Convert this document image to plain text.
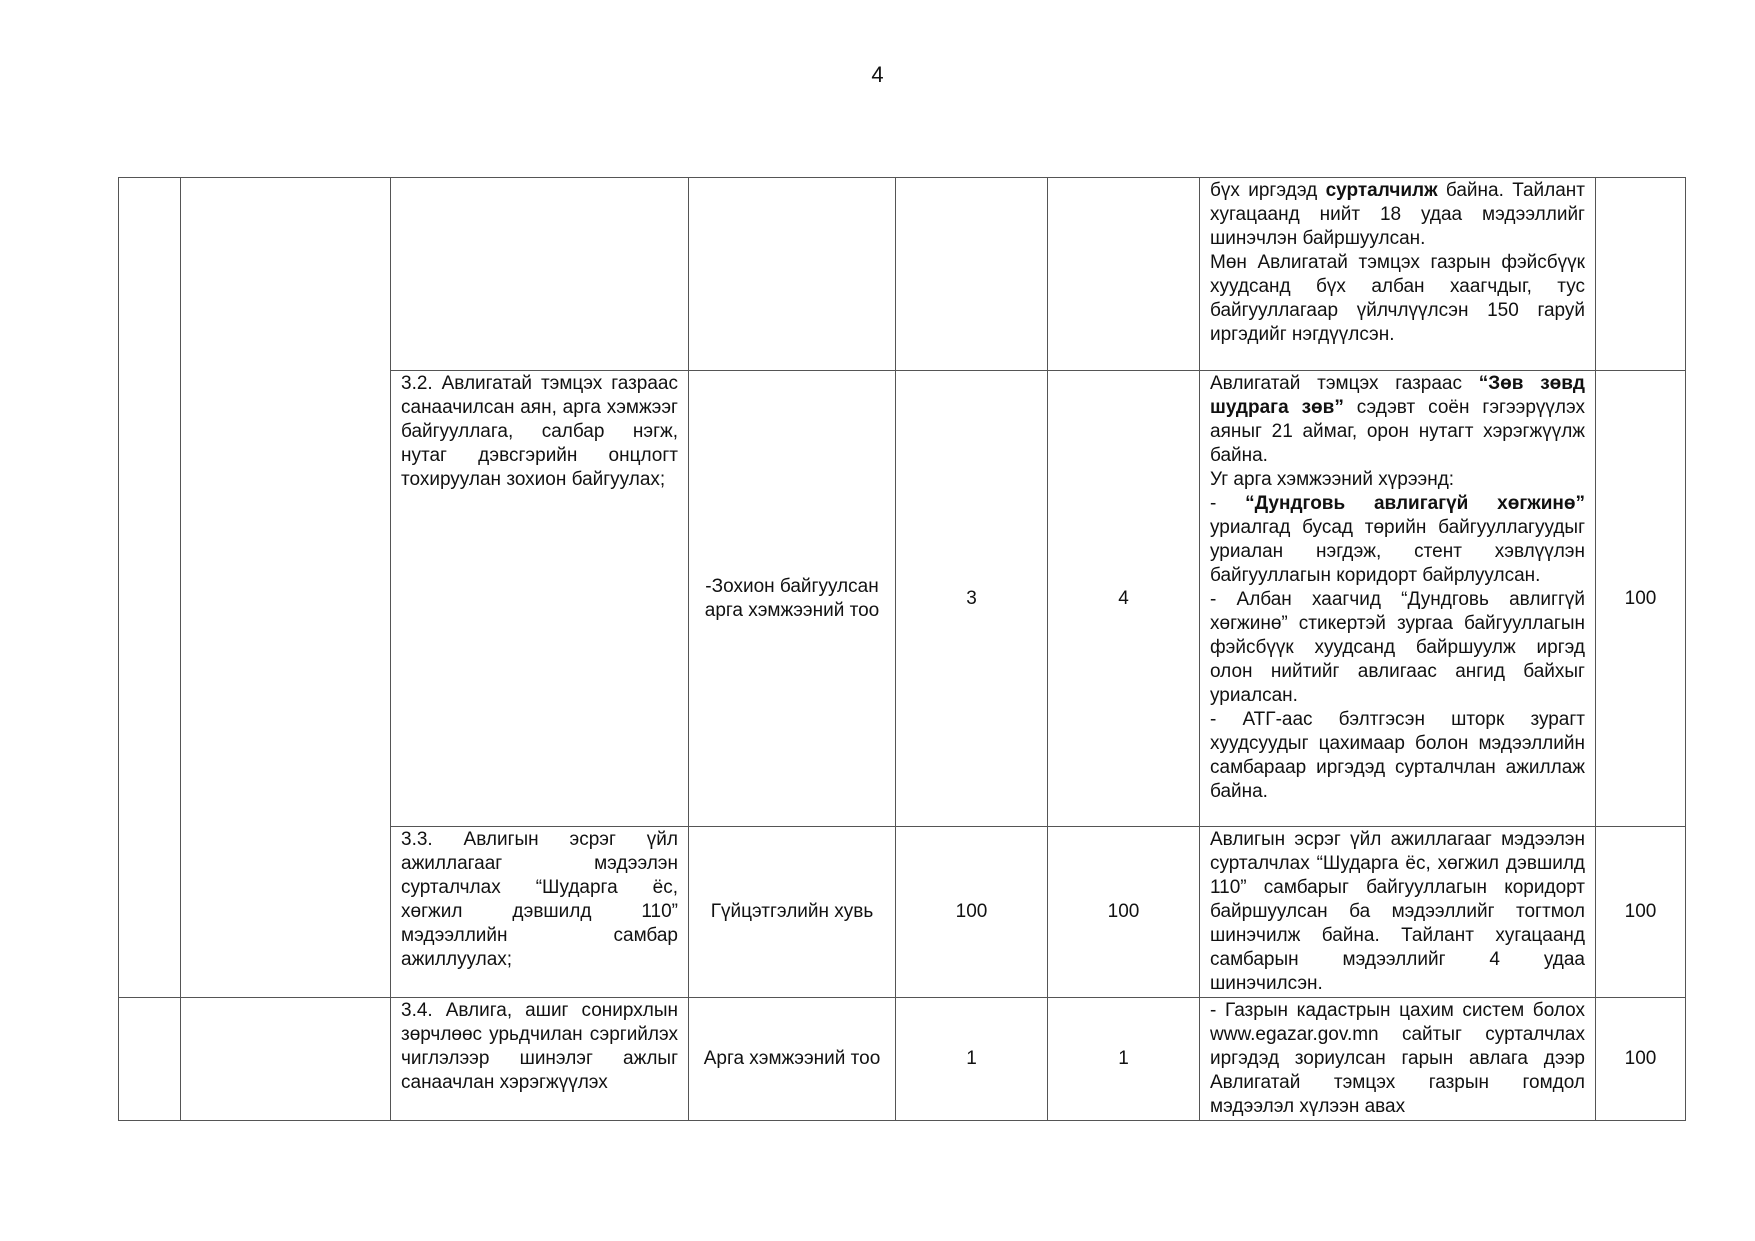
4

						бүх иргэдэд сурталчилж байна. Тайлант хугацаанд нийт 18 удаа мэдээллийг шинэчлэн байршуулсан.
Мөн Авлигатай тэмцэх газрын фэйсбүүк хуудсанд бүх албан хаагчдыг, тус байгууллагаар үйлчлүүлсэн 150 гаруй иргэдийг нэгдүүлсэн.	

		3.2. Авлигатай тэмцэх газраас санаачилсан аян, арга хэмжээг байгууллага, салбар нэгж, нутаг дэвсгэрийн онцлогт тохируулан зохион байгуулах;	-Зохион байгуулсан арга хэмжээний тоо	3	4	Авлигатай тэмцэх газраас “Зөв зөвд шудрага зөв” сэдэвт соён гэгээрүүлэх аяныг 21 аймаг, орон нутагт хэрэгжүүлж байна.
Уг арга хэмжээний хүрээнд:
- “Дундговь авлигагүй хөгжинө” уриалгад бусад төрийн байгууллагуудыг уриалан нэгдэж, стент хэвлүүлэн байгууллагын коридорт байрлуулсан.
- Албан хаагчид “Дундговь авлиггүй хөгжинө” стикертэй зургаа байгууллагын фэйсбүүк хуудсанд байршуулж иргэд олон нийтийг авлигаас ангид байхыг уриалсан.
- АТГ-аас бэлтгэсэн шторк зурагт хуудсуудыг цахимаар болон мэдээллийн самбараар иргэдэд сурталчлан ажиллаж байна.	100
		3.3. Авлигын эсрэг үйл ажиллагааг мэдээлэн сурталчлах “Шударга ёс, хөгжил дэвшилд 110” мэдээллийн самбар ажиллуулах;	Гүйцэтгэлийн хувь	100	100	Авлигын эсрэг үйл ажиллагааг мэдээлэн сурталчлах “Шударга ёс, хөгжил дэвшилд 110” самбарыг байгууллагын коридорт байршуулсан ба мэдээллийг тогтмол шинэчилж байна. Тайлант хугацаанд самбарын мэдээллийг 4 удаа шинэчилсэн.	100
		3.4. Авлига, ашиг сонирхлын зөрчлөөс урьдчилан сэргийлэх чиглэлээр шинэлэг ажлыг санаачлан хэрэгжүүлэх	Арга хэмжээний тоо	1	1	- Газрын кадастрын цахим систем болох www.egazar.gov.mn сайтыг сурталчлах иргэдэд зориулсан гарын авлага дээр Авлигатай тэмцэх газрын гомдол мэдээлэл хүлээн авах	100
